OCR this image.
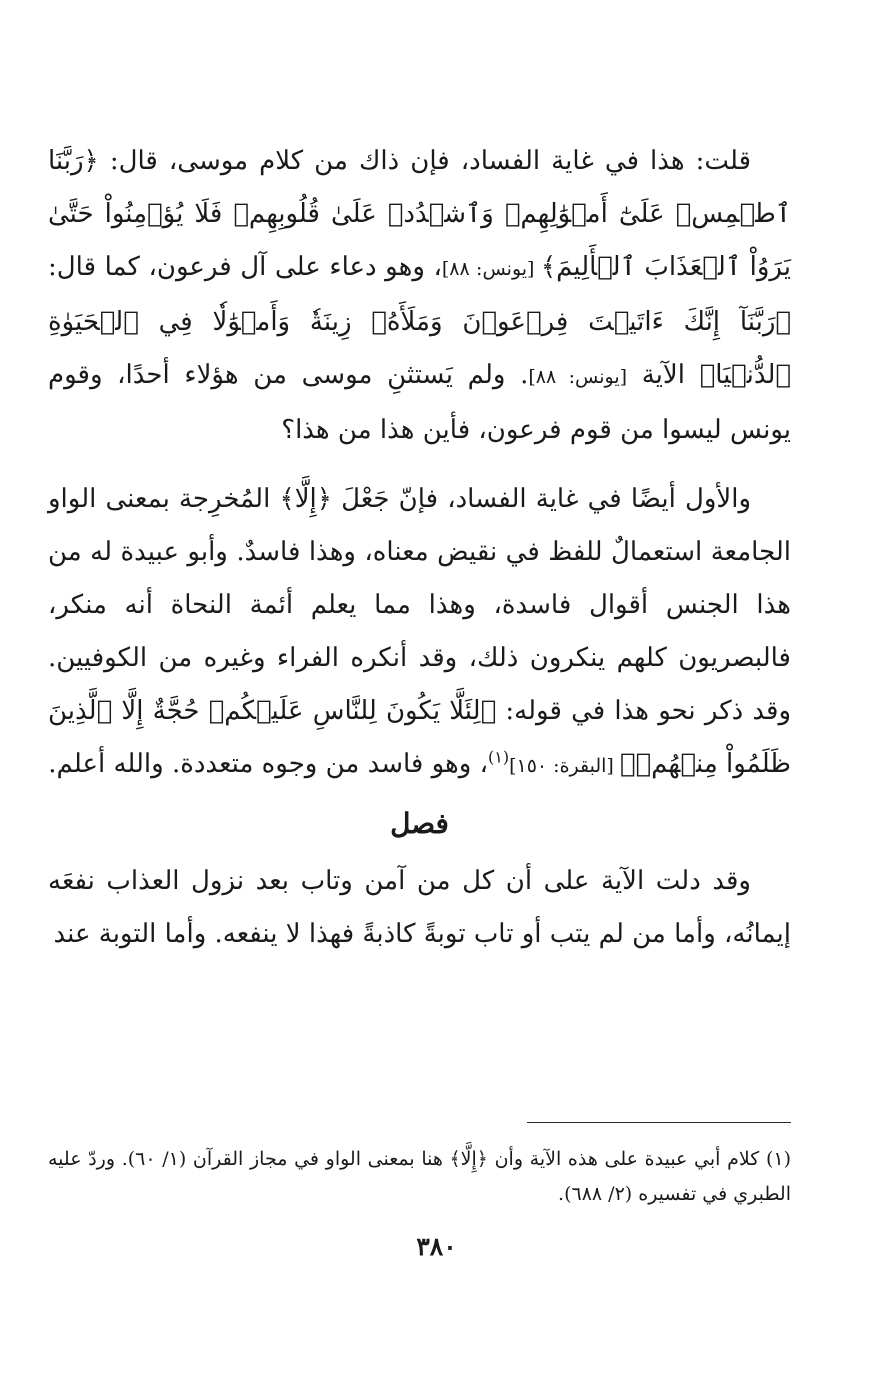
قلت: هذا في غاية الفساد، فإن ذاك من كلام موسى، قال: ﴿رَبَّنَا ٱطۡمِسۡ عَلَىٰٓ أَمۡوَٰلِهِمۡ وَٱشۡدُدۡ عَلَىٰ قُلُوبِهِمۡ فَلَا يُؤۡمِنُواْ حَتَّىٰ يَرَوُاْ ٱلۡعَذَابَ ٱلۡأَلِيمَ﴾ [يونس: ٨٨]، وهو دعاء على آل فرعون، كما قال: ﴿رَبَّنَآ إِنَّكَ ءَاتَيۡتَ فِرۡعَوۡنَ وَمَلَأَهُۥ زِينَةٗ وَأَمۡوَٰلٗا فِي ٱلۡحَيَوٰةِ ٱلدُّنۡيَا﴾ الآية [يونس: ٨٨]. ولم يَستثنِ موسى من هؤلاء أحدًا، وقوم يونس ليسوا من قوم فرعون، فأين هذا من هذا؟

والأول أيضًا في غاية الفساد، فإنّ جَعْلَ ﴿إِلَّا﴾ المُخرِجة بمعنى الواو الجامعة استعمالٌ للفظ في نقيض معناه، وهذا فاسدٌ. وأبو عبيدة له من هذا الجنس أقوال فاسدة، وهذا مما يعلم أئمة النحاة أنه منكر، فالبصريون كلهم ينكرون ذلك، وقد أنكره الفراء وغيره من الكوفيين. وقد ذكر نحو هذا في قوله: ﴿لِئَلَّا يَكُونَ لِلنَّاسِ عَلَيۡكُمۡ حُجَّةٌ إِلَّا ٱلَّذِينَ ظَلَمُواْ مِنۡهُمۡ﴾ [البقرة: ١٥٠]$^{(١)}$، وهو فاسد من وجوه متعددة. والله أعلم.

فصل

وقد دلت الآية على أن كل من آمن وتاب بعد نزول العذاب نفعَه إيمانُه، وأما من لم يتب أو تاب توبةً كاذبةً فهذا لا ينفعه. وأما التوبة عند

(١) كلام أبي عبيدة على هذه الآية وأن ﴿إِلَّا﴾ هنا بمعنى الواو في مجاز القرآن (١/ ٦٠). وردّ عليه الطبري في تفسيره (٢/ ٦٨٨).

٣٨٠
